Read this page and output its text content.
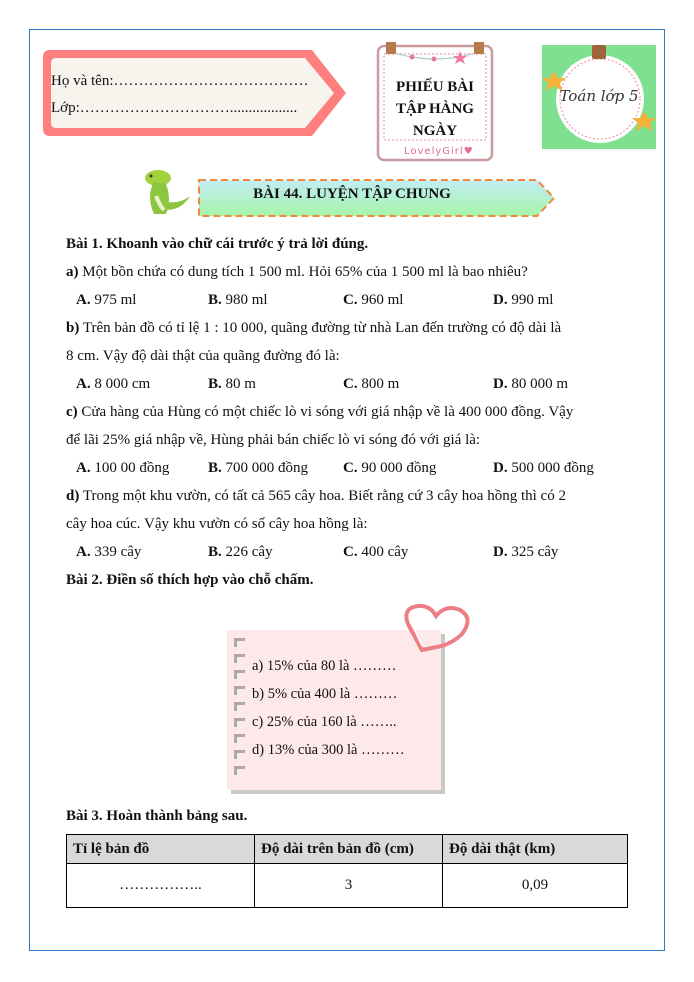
Họ và tên:…………………………………
Lớp:…………………………..................
PHIẾU BÀI
TẬP HÀNG
NGÀY
LovelyGirl♥
Toán lớp 5
BÀI 44. LUYỆN TẬP CHUNG
Bài 1. Khoanh vào chữ cái trước ý trả lời đúng.
a) Một bồn chứa có dung tích 1 500 ml. Hỏi 65% của 1 500 ml là bao nhiêu?
A. 975 ml	B. 980 ml	C. 960 ml	D. 990 ml
b) Trên bản đồ có tỉ lệ 1 : 10 000, quãng đường từ nhà Lan đến trường có độ dài là
8 cm. Vậy độ dài thật của quãng đường đó là:
A. 8 000 cm	B. 80 m	C. 800 m	D. 80 000 m
c) Cửa hàng của Hùng có một chiếc lò vi sóng với giá nhập về là 400 000 đồng. Vậy
để lãi 25% giá nhập về, Hùng phải bán chiếc lò vi sóng đó với giá là:
A. 100 00 đồng	B. 700 000 đồng C. 90 000 đồng	D. 500 000 đồng
d) Trong một khu vườn, có tất cả 565 cây hoa. Biết rằng cứ 3 cây hoa hồng thì có 2
cây hoa cúc. Vậy khu vườn có số cây hoa hồng là:
A. 339 cây	B. 226 cây	C. 400 cây	D. 325 cây
Bài 2. Điền số thích hợp vào chỗ chấm.
a) 15% của 80 là ………
b) 5% của 400 là ………
c) 25% của 160 là ……..
d) 13% của 300 là ………
Bài 3. Hoàn thành bảng sau.
Tỉ lệ bản đồ	Độ dài trên bản đồ (cm)	Độ dài thật (km)
……………..	3	0,09
